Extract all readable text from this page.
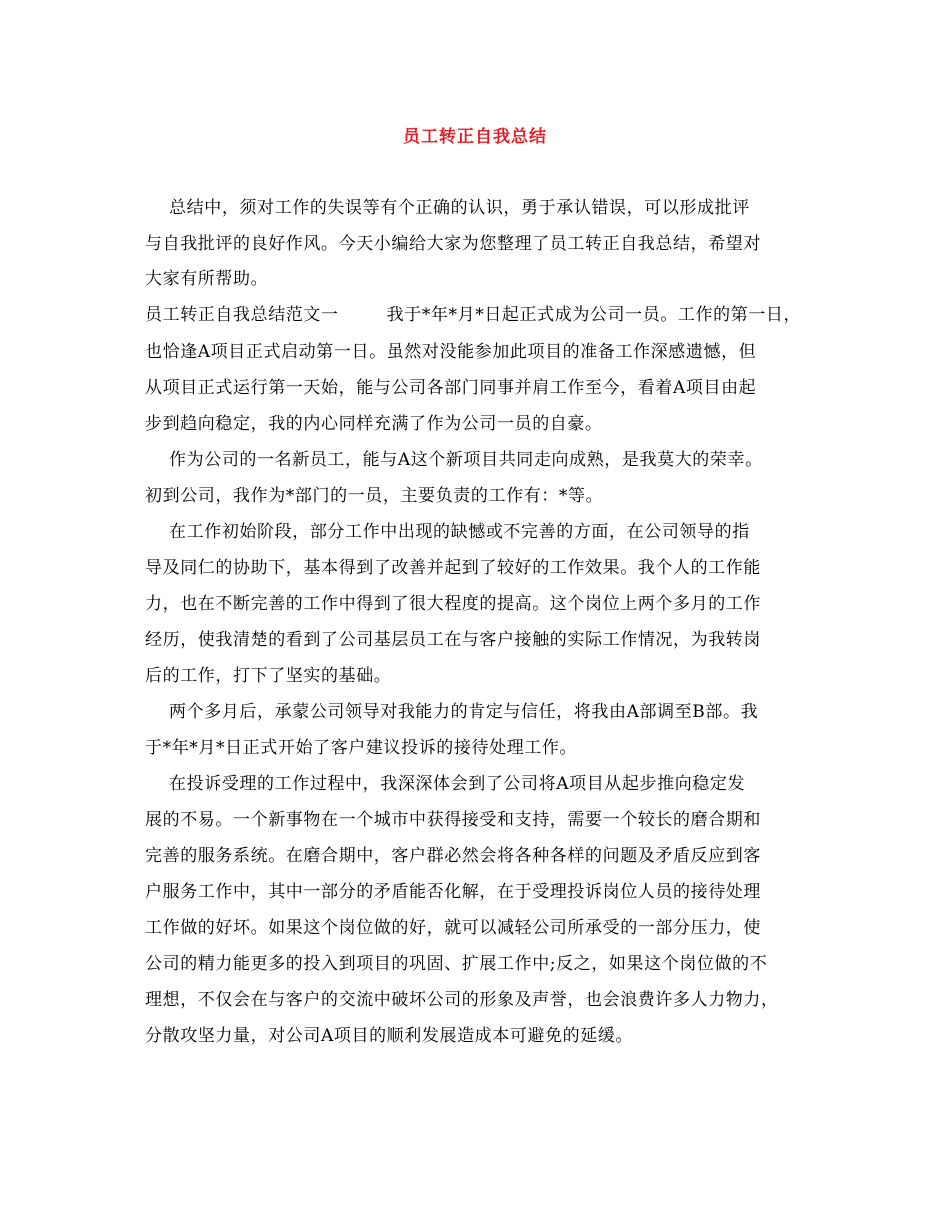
员工转正自我总结
总结中，须对工作的失误等有个正确的认识，勇于承认错误，可以形成批评
与自我批评的良好作风。今天小编给大家为您整理了员工转正自我总结，希望对
大家有所帮助。
员工转正自我总结范文一        我于*年*月*日起正式成为公司一员。工作的第一日，
也恰逢A项目正式启动第一日。虽然对没能参加此项目的准备工作深感遗憾，但
从项目正式运行第一天始，能与公司各部门同事并肩工作至今，看着A项目由起
步到趋向稳定，我的内心同样充满了作为公司一员的自豪。
作为公司的一名新员工，能与A这个新项目共同走向成熟，是我莫大的荣幸。
初到公司，我作为*部门的一员，主要负责的工作有：*等。
在工作初始阶段，部分工作中出现的缺憾或不完善的方面，在公司领导的指
导及同仁的协助下，基本得到了改善并起到了较好的工作效果。我个人的工作能
力，也在不断完善的工作中得到了很大程度的提高。这个岗位上两个多月的工作
经历，使我清楚的看到了公司基层员工在与客户接触的实际工作情况，为我转岗
后的工作，打下了坚实的基础。
两个多月后，承蒙公司领导对我能力的肯定与信任，将我由A部调至B部。我
于*年*月*日正式开始了客户建议投诉的接待处理工作。
在投诉受理的工作过程中，我深深体会到了公司将A项目从起步推向稳定发
展的不易。一个新事物在一个城市中获得接受和支持，需要一个较长的磨合期和
完善的服务系统。在磨合期中，客户群必然会将各种各样的问题及矛盾反应到客
户服务工作中，其中一部分的矛盾能否化解，在于受理投诉岗位人员的接待处理
工作做的好坏。如果这个岗位做的好，就可以减轻公司所承受的一部分压力，使
公司的精力能更多的投入到项目的巩固、扩展工作中;反之，如果这个岗位做的不
理想，不仅会在与客户的交流中破坏公司的形象及声誉，也会浪费许多人力物力，
分散攻坚力量，对公司A项目的顺利发展造成本可避免的延缓。
